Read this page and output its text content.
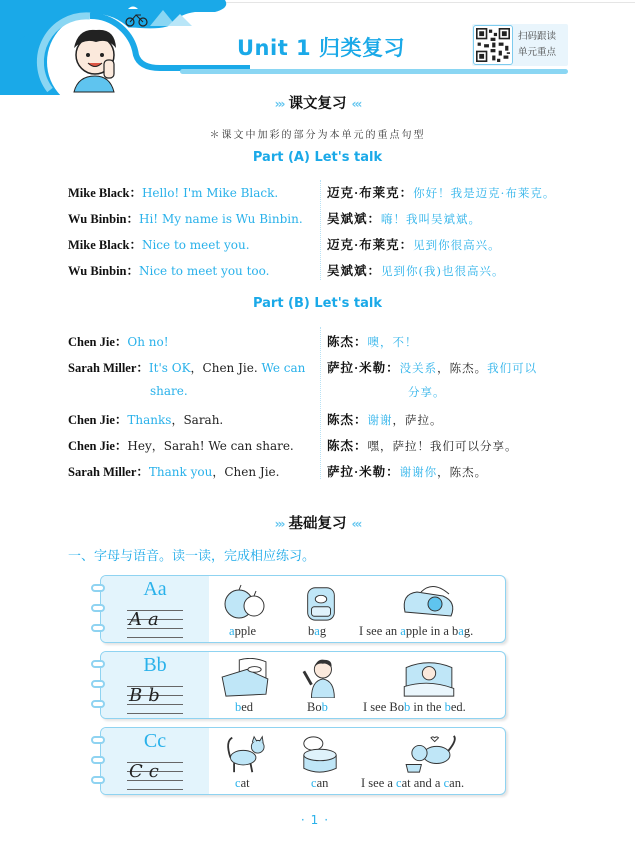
Unit 1 归类复习	扫码跟读
单元重点
››› 课文复习 ‹‹‹
＊课文中加彩的部分为本单元的重点句型
Part (A) Let's talk
Mike Black：Hello! I'm Mike Black.	迈克·布莱克：你好！我是迈克·布莱克。
Wu Binbin：Hi! My name is Wu Binbin. 吴斌斌：嗨！我叫吴斌斌。
Mike Black：Nice to meet you.	迈克·布莱克：见到你很高兴。
Wu Binbin：Nice to meet you too.	吴斌斌：见到你(我)也很高兴。
Part (B) Let's talk
Chen Jie：Oh no!	陈杰：噢，不！
Sarah Miller：It's OK，Chen Jie. We can 萨拉·米勒：没关系，陈杰。我们可以
share.	分享。
Chen Jie：Thanks，Sarah.	陈杰：谢谢，萨拉。
Chen Jie：Hey，Sarah! We can share.	陈杰：嘿，萨拉！我们可以分享。
Sarah Miller：Thank you，Chen Jie.	萨拉·米勒：谢谢你，陈杰。
››› 基础复习 ‹‹‹
一、字母与语音。读一读，完成相应练习。
Aa
Aa
apple	bag	I see an apple in a bag.
Bb
Bb
bed	Bob	I see Bob in the bed.
Cc
Cc
cat	can	I see a cat and a can.
·1·
